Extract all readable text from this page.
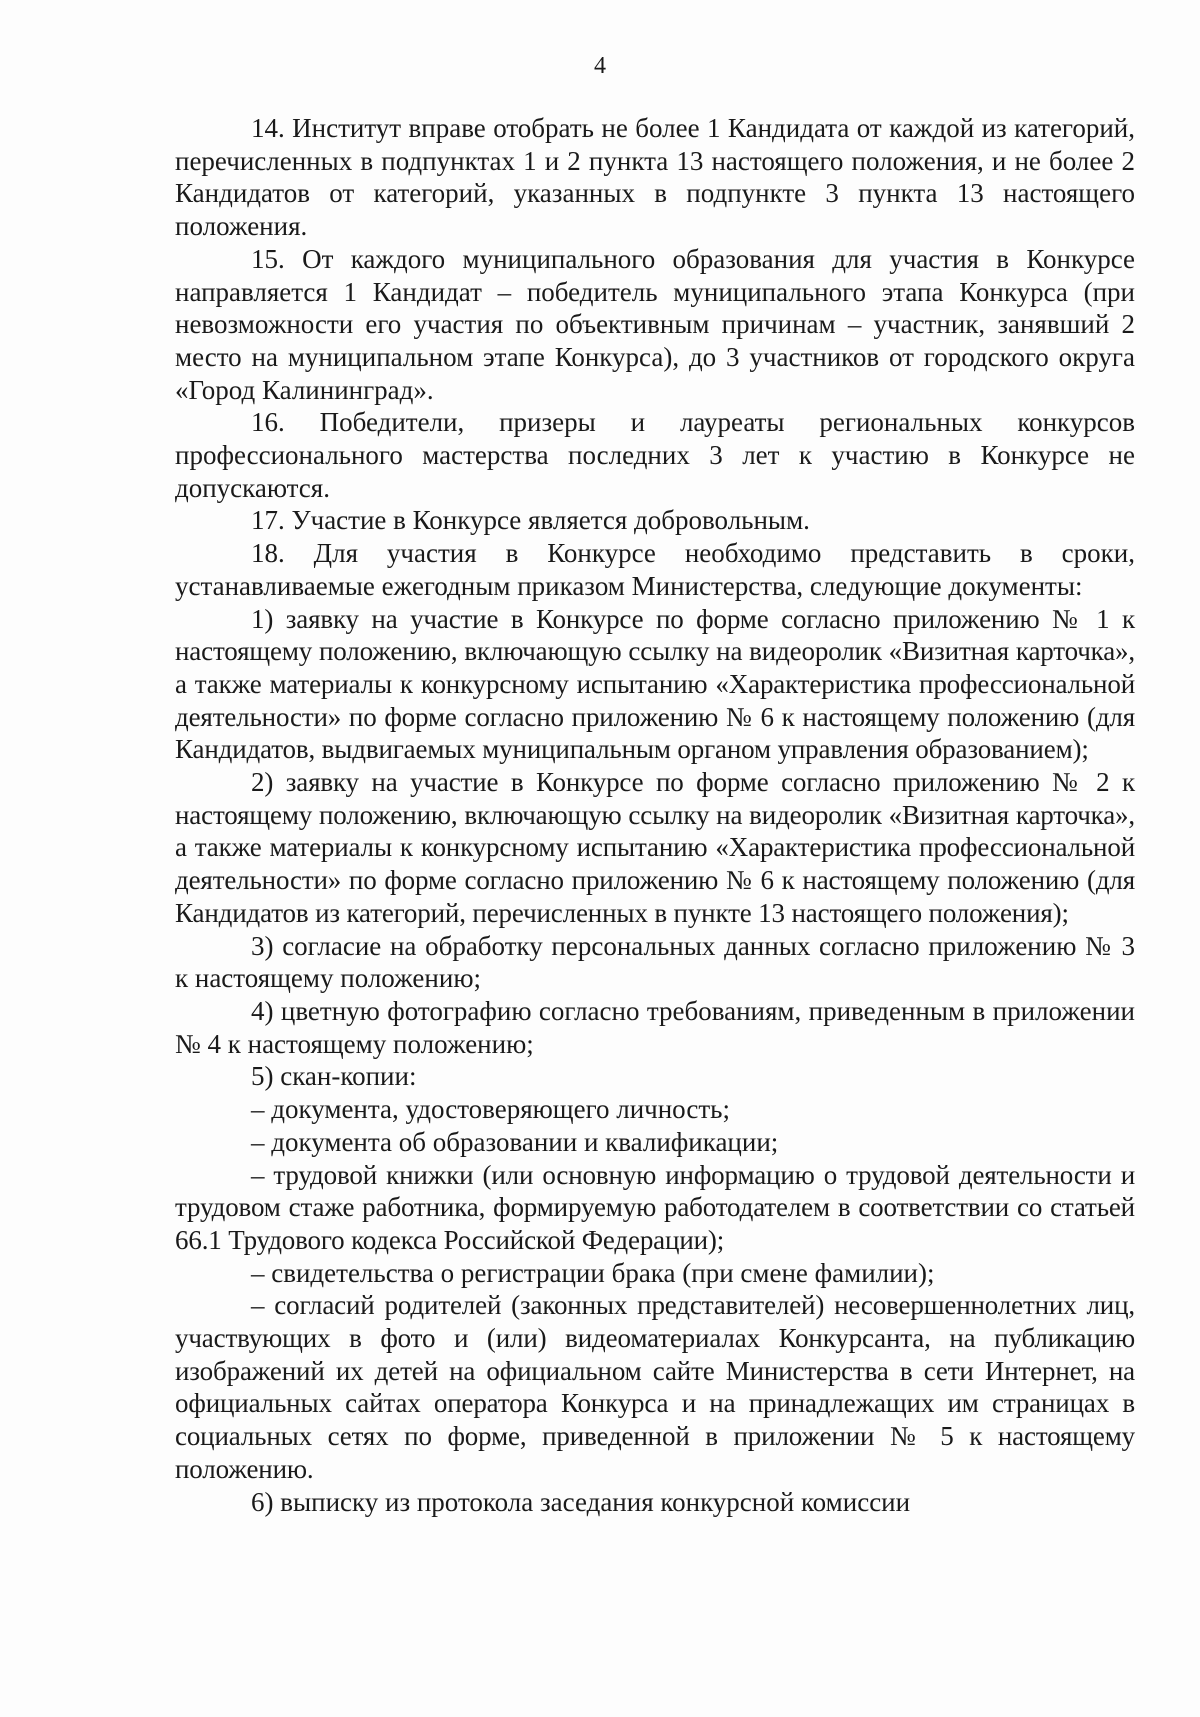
4

14. Институт вправе отобрать не более 1 Кандидата от каждой из категорий, перечисленных в подпунктах 1 и 2 пункта 13 настоящего положения, и не более 2 Кандидатов от категорий, указанных в подпункте 3 пункта 13 настоящего положения.

15. От каждого муниципального образования для участия в Конкурсе направляется 1 Кандидат – победитель муниципального этапа Конкурса (при невозможности его участия по объективным причинам – участник, занявший 2 место на муниципальном этапе Конкурса), до 3 участников от городского округа «Город Калининград».

16. Победители, призеры и лауреаты региональных конкурсов профессионального мастерства последних 3 лет к участию в Конкурсе не допускаются.

17. Участие в Конкурсе является добровольным.

18. Для участия в Конкурсе необходимо представить в сроки, устанавливаемые ежегодным приказом Министерства, следующие документы:

1) заявку на участие в Конкурсе по форме согласно приложению № 1 к настоящему положению, включающую ссылку на видеоролик «Визитная карточка», а также материалы к конкурсному испытанию «Характеристика профессиональной деятельности» по форме согласно приложению № 6 к настоящему положению (для Кандидатов, выдвигаемых муниципальным органом управления образованием);

2) заявку на участие в Конкурсе по форме согласно приложению № 2 к настоящему положению, включающую ссылку на видеоролик «Визитная карточка», а также материалы к конкурсному испытанию «Характеристика профессиональной деятельности» по форме согласно приложению № 6 к настоящему положению (для Кандидатов из категорий, перечисленных в пункте 13 настоящего положения);

3) согласие на обработку персональных данных согласно приложению № 3 к настоящему положению;

4) цветную фотографию согласно требованиям, приведенным в приложении № 4 к настоящему положению;

5) скан-копии:

– документа, удостоверяющего личность;

– документа об образовании и квалификации;

– трудовой книжки (или основную информацию о трудовой деятельности и трудовом стаже работника, формируемую работодателем в соответствии со статьей 66.1 Трудового кодекса Российской Федерации);

– свидетельства о регистрации брака (при смене фамилии);

– согласий родителей (законных представителей) несовершеннолетних лиц, участвующих в фото и (или) видеоматериалах Конкурсанта, на публикацию изображений их детей на официальном сайте Министерства в сети Интернет, на официальных сайтах оператора Конкурса и на принадлежащих им страницах в социальных сетях по форме, приведенной в приложении № 5 к настоящему положению.

6) выписку из протокола заседания конкурсной комиссии
